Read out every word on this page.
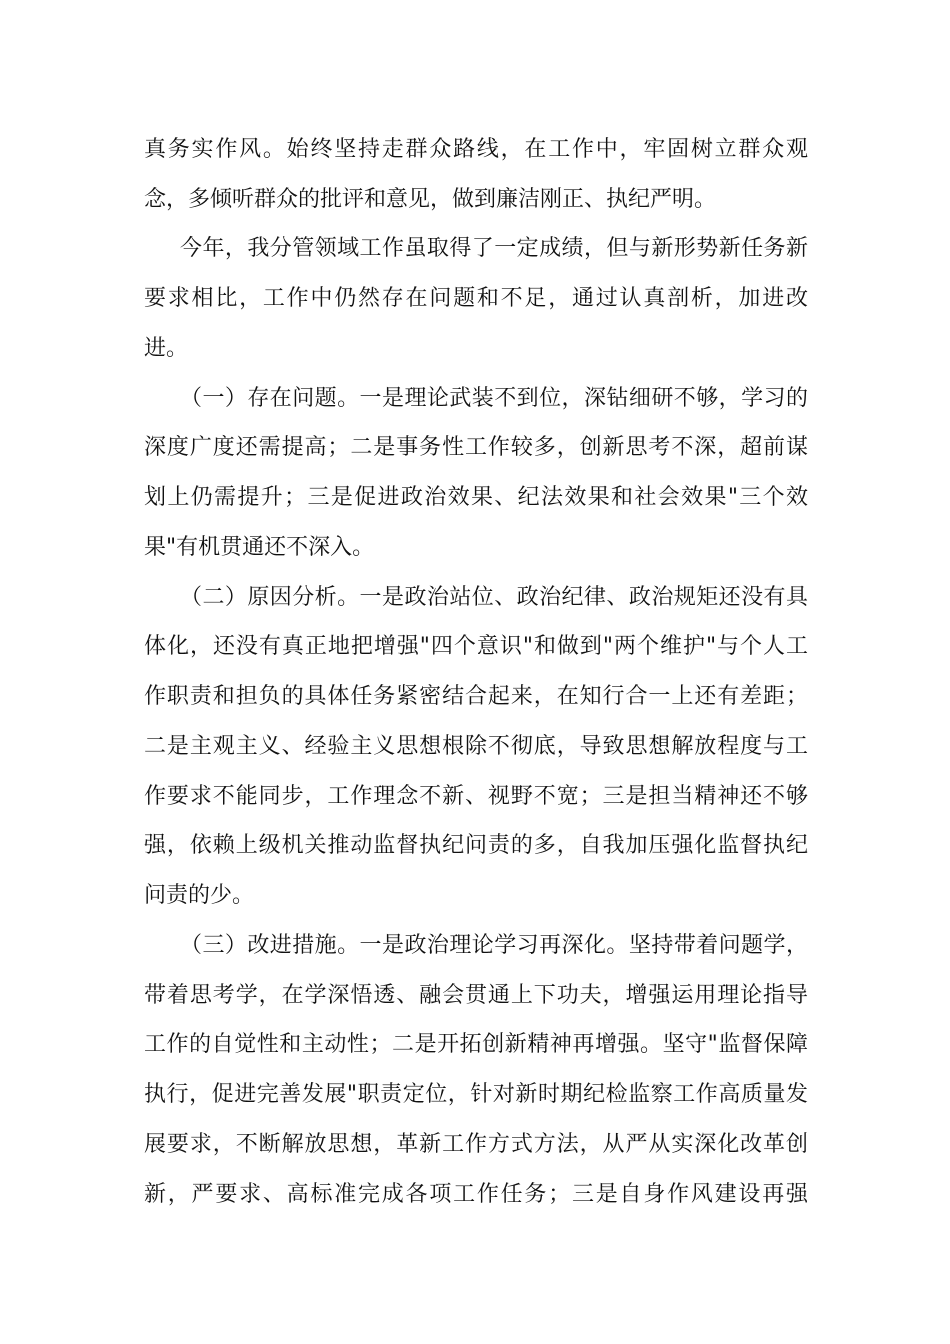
真务实作风。始终坚持走群众路线，在工作中，牢固树立群众观
念，多倾听群众的批评和意见，做到廉洁刚正、执纪严明。
今年，我分管领域工作虽取得了一定成绩，但与新形势新任务新
要求相比，工作中仍然存在问题和不足，通过认真剖析，加进改
进。
（一）存在问题。一是理论武装不到位，深钻细研不够，学习的
深度广度还需提高；二是事务性工作较多，创新思考不深，超前谋
划上仍需提升；三是促进政治效果、纪法效果和社会效果"三个效
果"有机贯通还不深入。
（二）原因分析。一是政治站位、政治纪律、政治规矩还没有具
体化，还没有真正地把增强"四个意识"和做到"两个维护"与个人工
作职责和担负的具体任务紧密结合起来，在知行合一上还有差距；
二是主观主义、经验主义思想根除不彻底，导致思想解放程度与工
作要求不能同步，工作理念不新、视野不宽；三是担当精神还不够
强，依赖上级机关推动监督执纪问责的多，自我加压强化监督执纪
问责的少。
（三）改进措施。一是政治理论学习再深化。坚持带着问题学，
带着思考学，在学深悟透、融会贯通上下功夫，增强运用理论指导
工作的自觉性和主动性；二是开拓创新精神再增强。坚守"监督保障
执行，促进完善发展"职责定位，针对新时期纪检监察工作高质量发
展要求，不断解放思想，革新工作方式方法，从严从实深化改革创
新，严要求、高标准完成各项工作任务；三是自身作风建设再强
